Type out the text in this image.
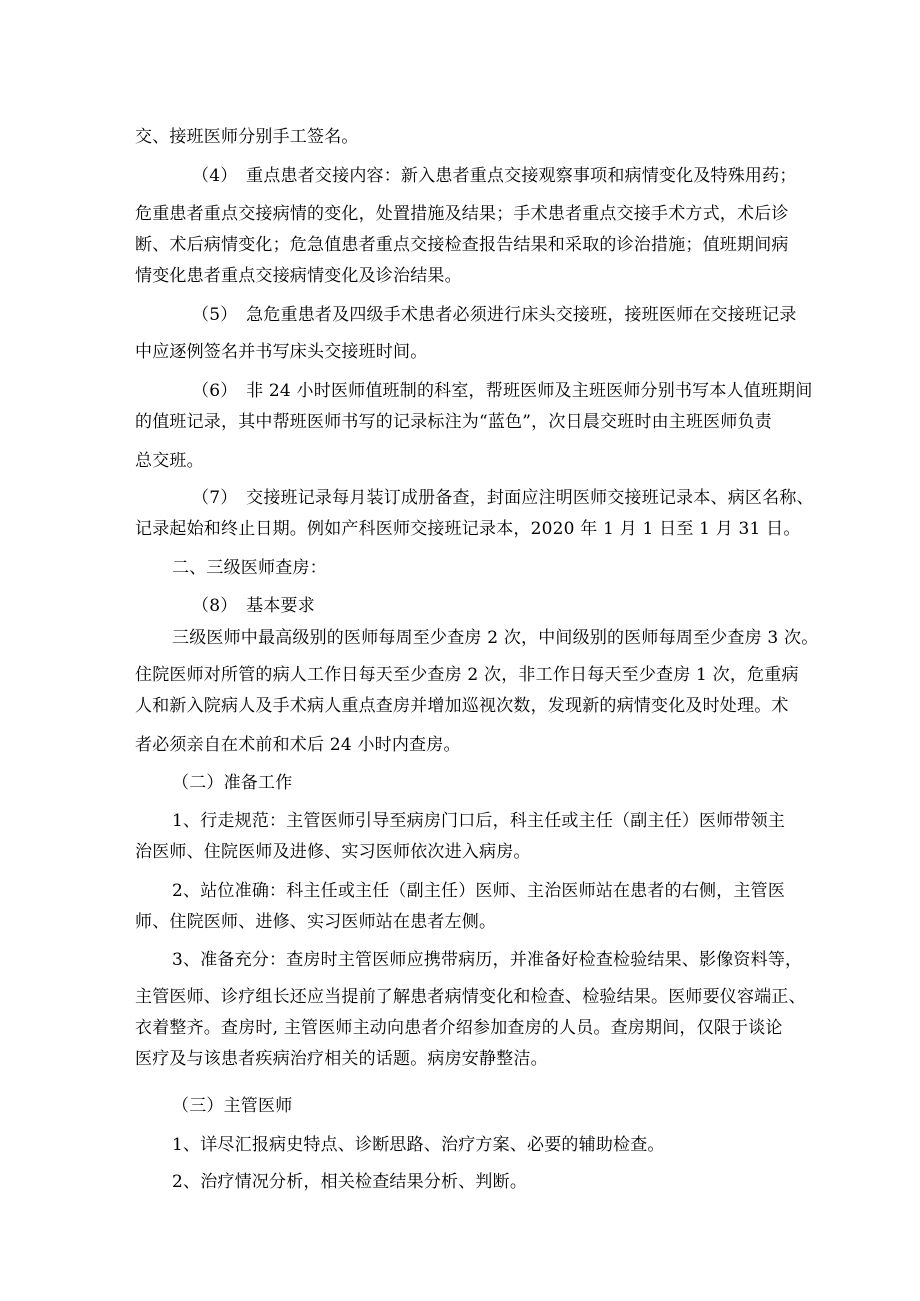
交、接班医师分别手工签名。
（4）　重点患者交接内容：新入患者重点交接观察事项和病情变化及特殊用药；
危重患者重点交接病情的变化，处置措施及结果；手术患者重点交接手术方式，术后诊
断、术后病情变化；危急值患者重点交接检查报告结果和采取的诊治措施；值班期间病
情变化患者重点交接病情变化及诊治结果。
（5）　急危重患者及四级手术患者必须进行床头交接班，接班医师在交接班记录
中应逐例签名并书写床头交接班时间。
（6）　非 24 小时医师值班制的科室，帮班医师及主班医师分别书写本人值班期间
的值班记录，其中帮班医师书写的记录标注为“蓝色”，次日晨交班时由主班医师负责
总交班。
（7）　交接班记录每月装订成册备查，封面应注明医师交接班记录本、病区名称、
记录起始和终止日期。例如产科医师交接班记录本，2020 年 1 月 1 日至 1 月 31 日。
二、三级医师查房：
（8）　基本要求
三级医师中最高级别的医师每周至少查房 2 次，中间级别的医师每周至少查房 3 次。
住院医师对所管的病人工作日每天至少查房 2 次，非工作日每天至少查房 1 次，危重病
人和新入院病人及手术病人重点查房并增加巡视次数，发现新的病情变化及时处理。术
者必须亲自在术前和术后 24 小时内查房。
（二）准备工作
1、行走规范：主管医师引导至病房门口后，科主任或主任（副主任）医师带领主
治医师、住院医师及进修、实习医师依次进入病房。
2、站位准确：科主任或主任（副主任）医师、主治医师站在患者的右侧，主管医
师、住院医师、进修、实习医师站在患者左侧。
3、准备充分：查房时主管医师应携带病历，并准备好检查检验结果、影像资料等，
主管医师、诊疗组长还应当提前了解患者病情变化和检查、检验结果。医师要仪容端正、
衣着整齐。查房时, 主管医师主动向患者介绍参加查房的人员。查房期间，仅限于谈论
医疗及与该患者疾病治疗相关的话题。病房安静整洁。
（三）主管医师
1、详尽汇报病史特点、诊断思路、治疗方案、必要的辅助检查。
2、治疗情况分析，相关检查结果分析、判断。
